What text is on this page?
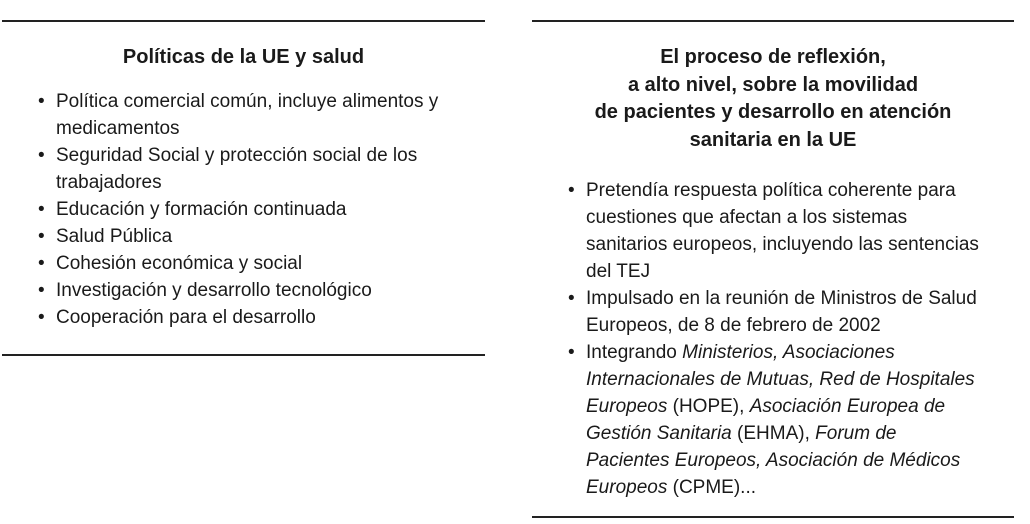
Políticas de la UE y salud
• Política comercial común, incluye alimentos y medicamentos
• Seguridad Social y protección social de los trabajadores
• Educación y formación continuada
• Salud Pública
• Cohesión económica y social
• Investigación y desarrollo tecnológico
• Cooperación para el desarrollo
El proceso de reflexión,
a alto nivel, sobre la movilidad
de pacientes y desarrollo en atención
sanitaria en la UE
• Pretendía respuesta política coherente para cuestiones que afectan a los sistemas sanitarios europeos, incluyendo las sentencias del TEJ
• Impulsado en la reunión de Ministros de Salud Europeos, de 8 de febrero de 2002
• Integrando Ministerios, Asociaciones Internacionales de Mutuas, Red de Hospitales Europeos (HOPE), Asociación Europea de Gestión Sanitaria (EHMA), Forum de Pacientes Europeos, Asociación de Médicos Europeos (CPME)...
